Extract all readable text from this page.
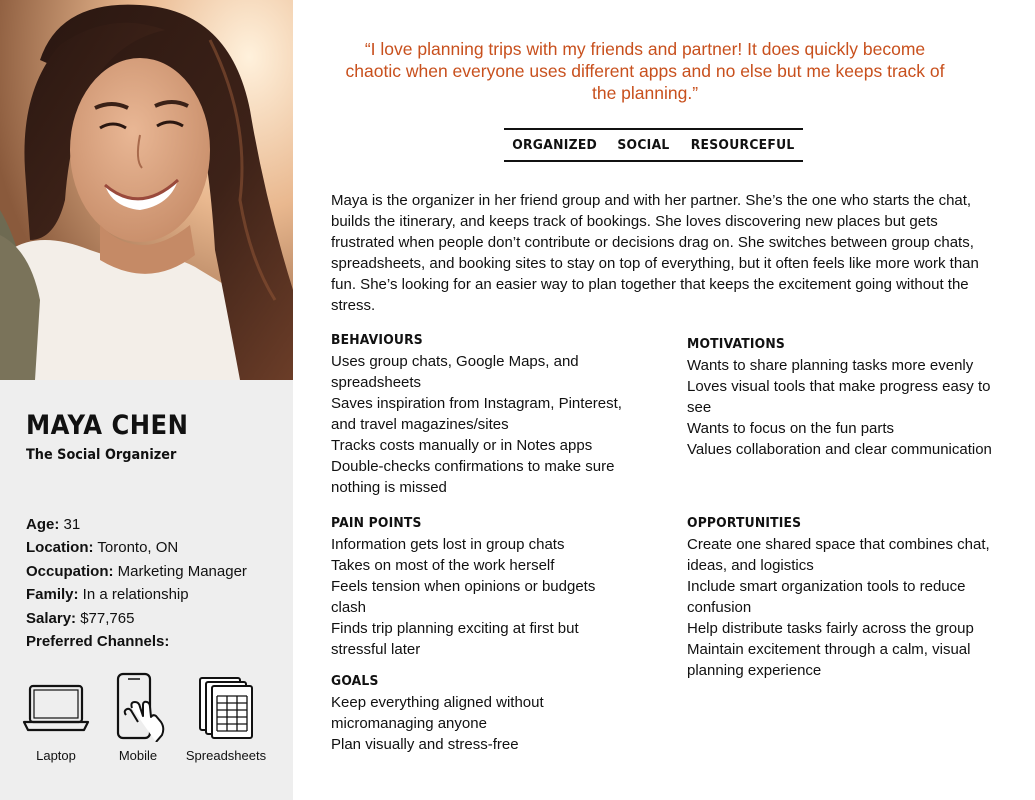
MAYA CHEN
The Social Organizer
Age: 31
Location: Toronto, ON
Occupation: Marketing Manager
Family: In a relationship
Salary: $77,765
Preferred Channels:
Laptop	Mobile	Spreadsheets
“I love planning trips with my friends and partner! It does quickly become chaotic when everyone uses different apps and no else but me keeps track of the planning.”
ORGANIZED SOCIAL RESOURCEFUL
Maya is the organizer in her friend group and with her partner. She’s the one who starts the chat, builds the itinerary, and keeps track of bookings. She loves discovering new places but gets frustrated when people don’t contribute or decisions drag on. She switches between group chats, spreadsheets, and booking sites to stay on top of everything, but it often feels like more work than fun. She’s looking for an easier way to plan together that keeps the excitement going without the stress.
BEHAVIOURS
Uses group chats, Google Maps, and spreadsheets
Saves inspiration from Instagram, Pinterest, and travel magazines/sites
Tracks costs manually or in Notes apps
Double-checks confirmations to make sure nothing is missed
PAIN POINTS
Information gets lost in group chats
Takes on most of the work herself
Feels tension when opinions or budgets clash
Finds trip planning exciting at first but stressful later
GOALS
Keep everything aligned without micromanaging anyone
Plan visually and stress-free
MOTIVATIONS
Wants to share planning tasks more evenly
Loves visual tools that make progress easy to see
Wants to focus on the fun parts
Values collaboration and clear communication
OPPORTUNITIES
Create one shared space that combines chat, ideas, and logistics
Include smart organization tools to reduce confusion
Help distribute tasks fairly across the group
Maintain excitement through a calm, visual planning experience
